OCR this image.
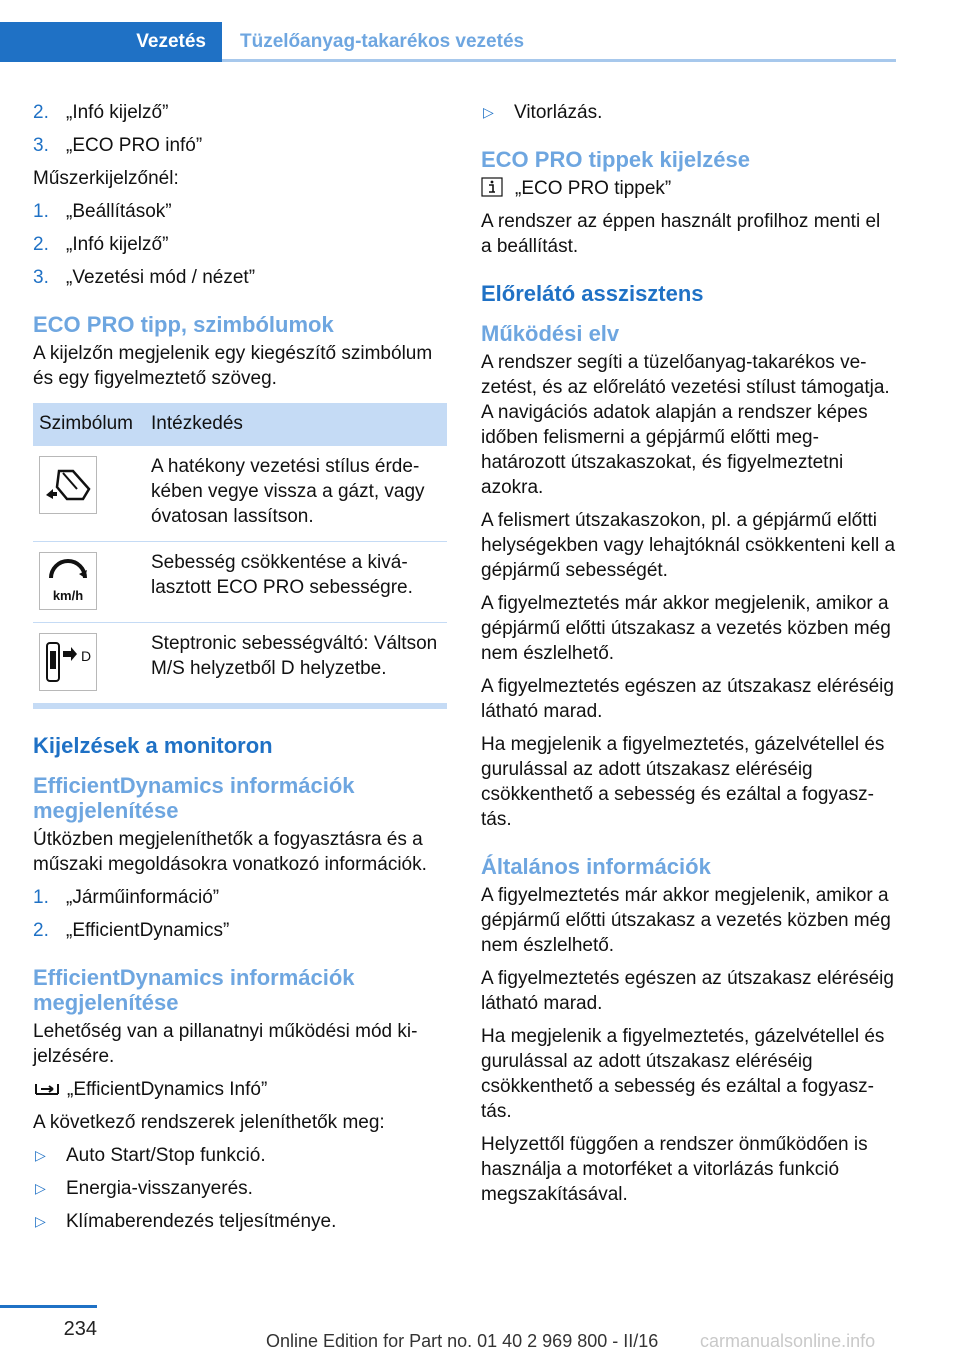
Vezetés	Tüzelőanyag-takarékos vezetés
2. „Infó kijelző”
3. „ECO PRO infó”

Műszerkijelzőnél:

1. „Beállítások”
2. „Infó kijelző”
3. „Vezetési mód / nézet”
ECO PRO tipp, szimbólumok

A kijelzőn megjelenik egy kiegészítő szimbólum és egy figyelmeztető szöveg.

Szimbólum	Intézkedés

	A hatékony vezetési stílus érdekében vegye vissza a gázt, vagy óvatosan lassítson.

km/h	Sebesség csökkentése a kiválasztott ECO PRO sebességre.

D	Steptronic sebességváltó: Váltson M/S helyzetből D helyzetbe.
Kijelzések a monitoron
EfficientDynamics információk megjelenítése

Útközben megjeleníthetők a fogyasztásra és a műszaki megoldásokra vonatkozó információk.

1. „Járműinformáció”
2. „EfficientDynamics”
EfficientDynamics információk megjelenítése

Lehetőség van a pillanatnyi működési mód kijelzésére.

„EfficientDynamics Infó”

A következő rendszerek jeleníthetők meg:

▷ Auto Start/Stop funkció.
▷ Energia-visszanyerés.
▷ Klímaberendezés teljesítménye.
▷ Vitorlázás.
ECO PRO tippek kijelzése

„ECO PRO tippek”

A rendszer az éppen használt profilhoz menti el a beállítást.

Előrelátó asszisztens
Működési elv

A rendszer segíti a tüzelőanyag-takarékos vezetést, és az előrelátó vezetési stílust támogatja. A navigációs adatok alapján a rendszer képes időben felismerni a gépjármű előtti meghatározott útszakaszokat, és figyelmeztetni azokra.

A felismert útszakaszokon, pl. a gépjármű előtti helységekben vagy lehajtóknál csökkenteni kell a gépjármű sebességét.

A figyelmeztetés már akkor megjelenik, amikor a gépjármű előtti útszakasz a vezetés közben még nem észlelhető.

A figyelmeztetés egészen az útszakasz eléréséig látható marad.

Ha megjelenik a figyelmeztetés, gázelvétellel és gurulással az adott útszakasz eléréséig csökkenthető a sebesség és ezáltal a fogyasztás.

Általános információk

A figyelmeztetés már akkor megjelenik, amikor a gépjármű előtti útszakasz a vezetés közben még nem észlelhető.

A figyelmeztetés egészen az útszakasz eléréséig látható marad.

Ha megjelenik a figyelmeztetés, gázelvétellel és gurulással az adott útszakasz eléréséig csökkenthető a sebesség és ezáltal a fogyasztás.

Helyzettől függően a rendszer önműködően is használja a motorféket a vitorlázás funkció megszakításával.

234
Online Edition for Part no. 01 40 2 969 800 - II/16 carmanualsonline.info
